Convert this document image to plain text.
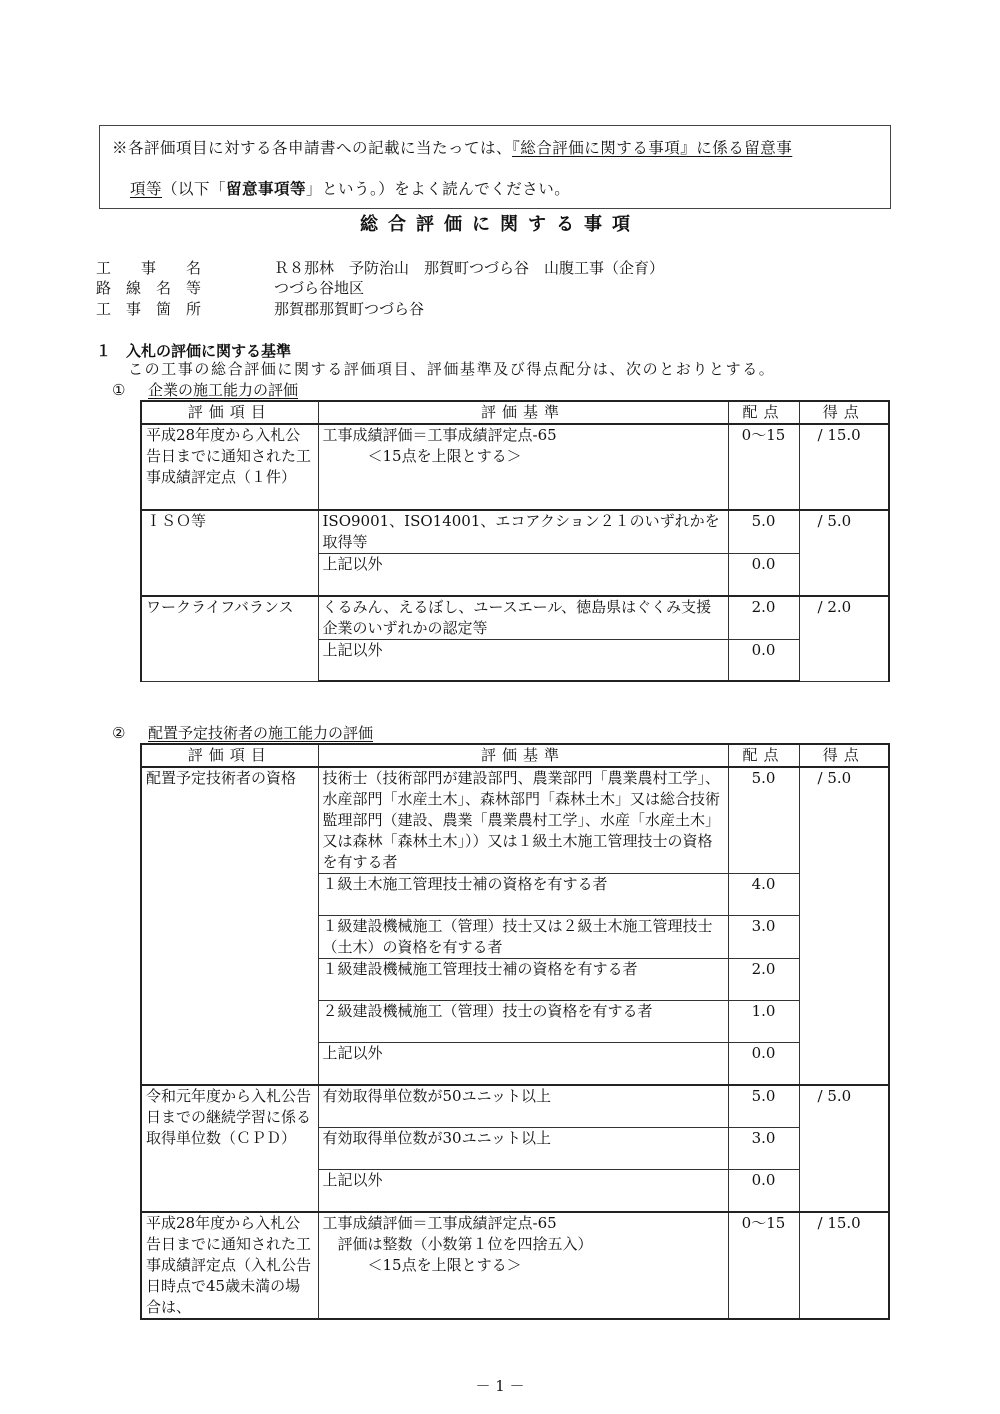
※各評価項目に対する各申請書への記載に当たっては、『総合評価に関する事項』に係る留意事
項等（以下「留意事項等」という。）をよく読んでください。
総合評価に関する事項
工　　事　　名	Ｒ８那林　予防治山　那賀町つづら谷　山腹工事（企育）
路　線　名　等	つづら谷地区
工　事　箇　所	那賀郡那賀町つづら谷
１　入札の評価に関する基準
この工事の総合評価に関する評価項目、評価基準及び得点配分は、次のとおりとする。
① 企業の施工能力の評価
評価項目	評価基準	配点	得点
平成28年度から入札公告日までに通知された工事成績評定点（１件）	工事成績評価＝工事成績評定点-65
　　　＜15点を上限とする＞	0～15	/ 15.0
ＩＳＯ等	ISO9001、ISO14001、エコアクション２１のいずれかを取得等	5.0	/ 5.0
	上記以外	0.0	
ワークライフバランス	くるみん、えるぼし、ユースエール、徳島県はぐくみ支援企業のいずれかの認定等	2.0	/ 2.0
	上記以外	0.0	
② 配置予定技術者の施工能力の評価
評価項目	評価基準	配点	得点
配置予定技術者の資格	技術士（技術部門が建設部門、農業部門「農業農村工学」、水産部門「水産土木」、森林部門「森林土木」又は総合技術監理部門（建設、農業「農業農村工学」、水産「水産土木」又は森林「森林土木」））又は１級土木施工管理技士の資格を有する者	5.0	/ 5.0
	１級土木施工管理技士補の資格を有する者	4.0	
	１級建設機械施工（管理）技士又は２級土木施工管理技士（土木）の資格を有する者	3.0	
	１級建設機械施工管理技士補の資格を有する者	2.0	
	２級建設機械施工（管理）技士の資格を有する者	1.0	
	上記以外	0.0	
令和元年度から入札公告日までの継続学習に係る取得単位数（ＣＰＤ）	有効取得単位数が50ユニット以上	5.0	/ 5.0
	有効取得単位数が30ユニット以上	3.0	
	上記以外	0.0	
平成28年度から入札公告日までに通知された工事成績評定点（入札公告日時点で45歳未満の場合は、	工事成績評価＝工事成績評定点-65
　評価は整数（小数第１位を四捨五入）
　　　＜15点を上限とする＞	0～15	/ 15.0
－ 1 －
